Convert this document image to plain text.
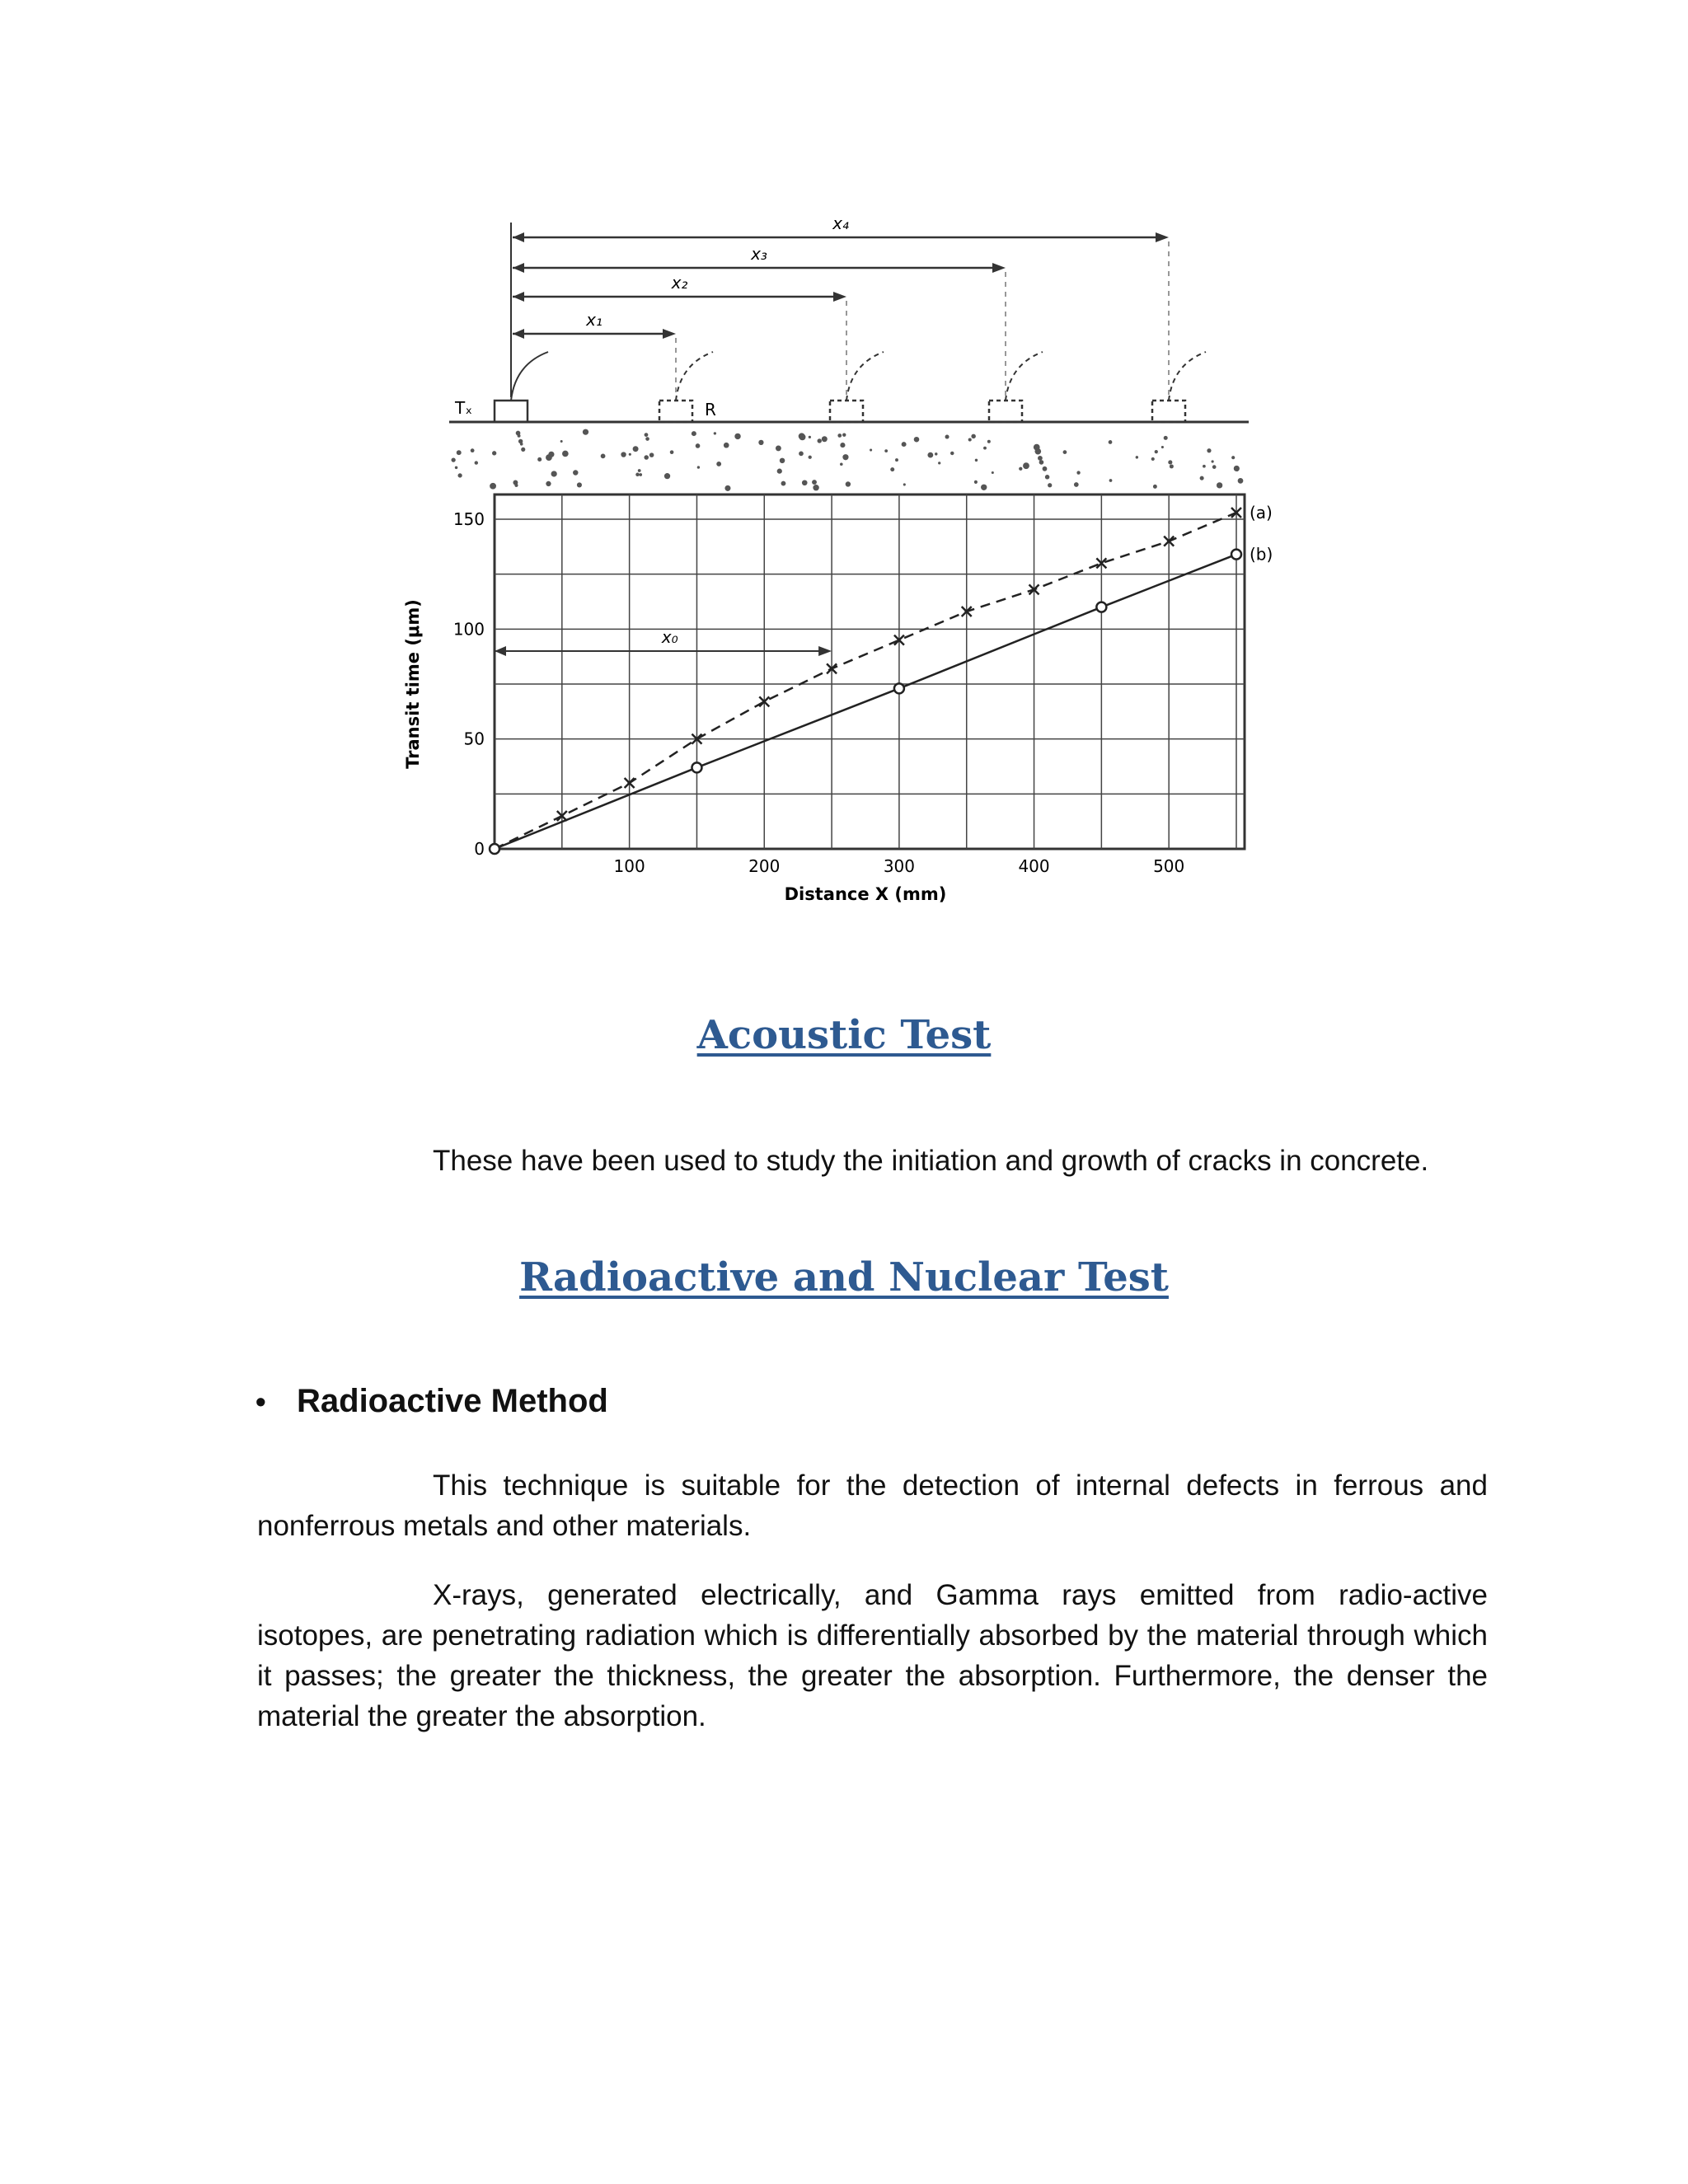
Tₓ	R
x₁
x₂
x₃
x₄
100	200	300	400	500
0
50
100
150
Distance X (mm)
Transit time (μm)	x₀
(a)
(b)
Acoustic Test

These have been used to study the initiation and growth of cracks in concrete.

Radioactive and Nuclear Test
• Radioactive Method

This technique is suitable for the detection of internal defects in ferrous and nonferrous metals and other materials.

X-rays, generated electrically, and Gamma rays emitted from radio-active isotopes, are penetrating radiation which is differentially absorbed by the material through which it passes; the greater the thickness, the greater the absorption. Furthermore, the denser the material the greater the absorption.
